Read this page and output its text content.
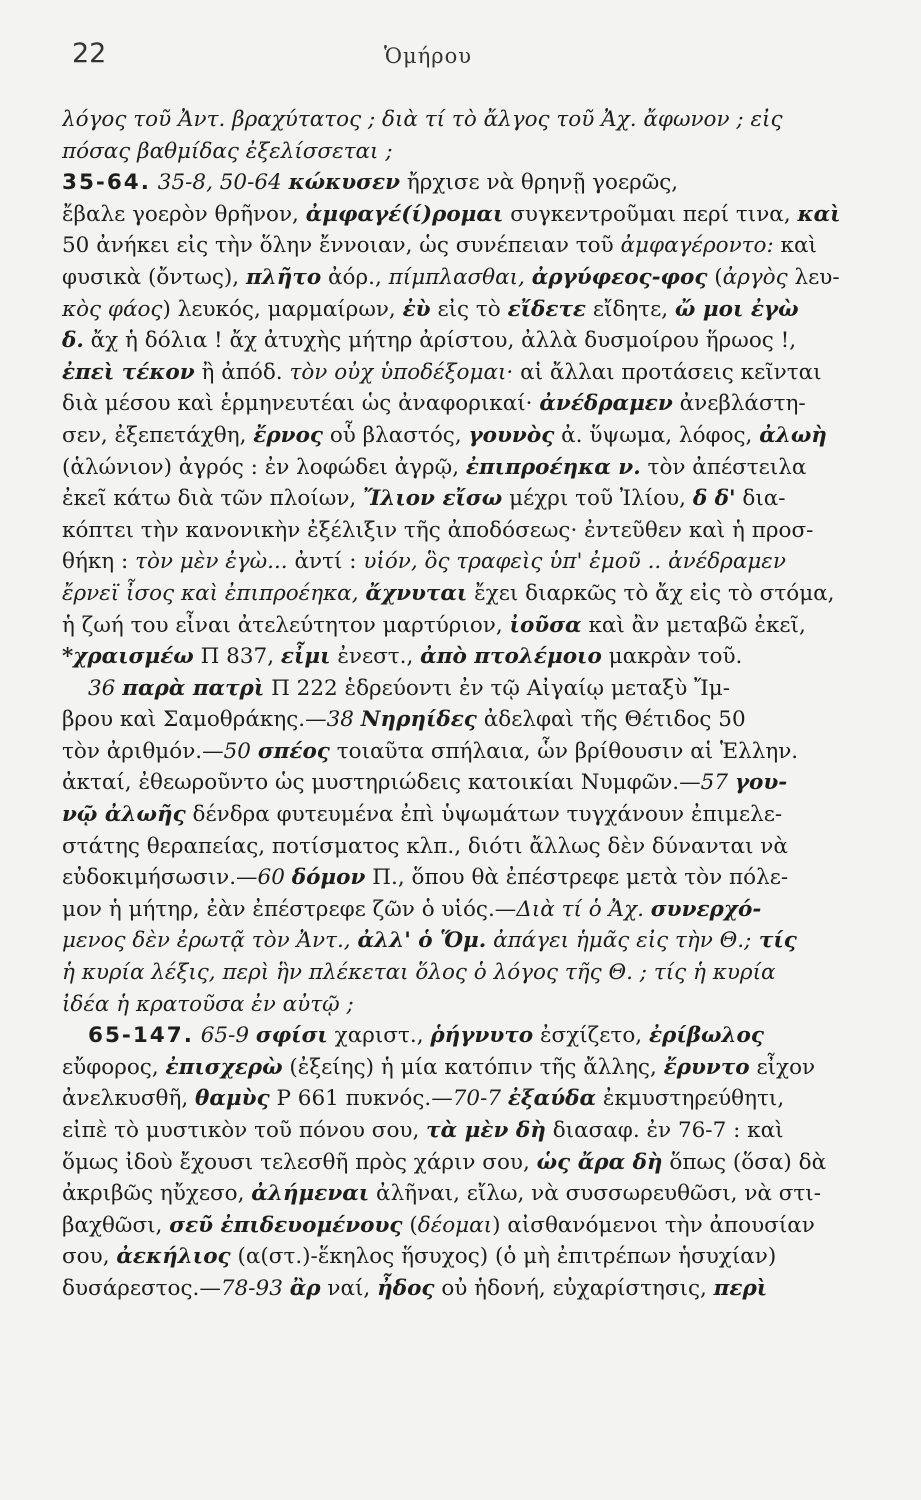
22	Ὁμήρου
λόγος τοῦ Ἀντ. βραχύτατος ; διὰ τί τὸ ἄλγος τοῦ Ἀχ. ἄφωνον ; εἰς
πόσας βαθμίδας ἐξελίσσεται ;
35-64. 35-8, 50-64 κώκυσεν ἤρχισε νὰ θρηνῇ γοερῶς,
ἔβαλε γοερὸν θρῆνον, ἀμφαγέ(ί)ρομαι συγκεντροῦμαι περί τινα, καὶ
50 ἀνήκει εἰς τὴν ὅλην ἔννοιαν, ὡς συνέπειαν τοῦ ἀμφαγέροντο: καὶ
φυσικὰ (ὄντως), πλῆτο ἀόρ., πίμπλασθαι, ἀργύφεος-φος (ἀργὸς λευ-
κὸς φάος) λευκός, μαρμαίρων, ἐὺ εἰς τὸ εἴδετε εἴδητε, ὤ μοι ἐγὼ
δ. ἄχ ἡ δόλια ! ἄχ ἀτυχὴς μήτηρ ἀρίστου, ἀλλὰ δυσμοίρου ἥρωος !,
ἐπεὶ τέκον ἢ ἀπόδ. τὸν οὐχ ὑποδέξομαι· αἱ ἄλλαι προτάσεις κεῖνται
διὰ μέσου καὶ ἑρμηνευτέαι ὡς ἀναφορικαί· ἀνέδραμεν ἀνεβλάστη-
σεν, ἐξεπετάχθη, ἔρνος οὗ βλαστός, γουνὸς ἀ. ὕψωμα, λόφος, ἀλωὴ
(ἁλώνιον) ἀγρός : ἐν λοφώδει ἀγρῷ, ἐπιπροέηκα ν. τὸν ἀπέστειλα
ἐκεῖ κάτω διὰ τῶν πλοίων, Ἴλιον εἴσω μέχρι τοῦ Ἰλίου, δ δ' δια-
κόπτει τὴν κανονικὴν ἐξέλιξιν τῆς ἀποδόσεως· ἐντεῦθεν καὶ ἡ προσ-
θήκη : τὸν μὲν ἐγὼ... ἀντί : υἱόν, ὃς τραφεὶς ὑπ' ἐμοῦ .. ἀνέδραμεν
ἔρνεϊ ἶσος καὶ ἐπιπροέηκα, ἄχνυται ἔχει διαρκῶς τὸ ἄχ εἰς τὸ στόμα,
ἡ ζωή του εἶναι ἀτελεύτητον μαρτύριον, ἰοῦσα καὶ ἂν μεταβῶ ἐκεῖ,
*χραισμέω Π 837, εἶμι ἐνεστ., ἀπὸ πτολέμοιο μακρὰν τοῦ.
36 παρὰ πατρὶ Π 222 ἑδρεύοντι ἐν τῷ Αἰγαίῳ μεταξὺ Ἴμ-
βρου καὶ Σαμοθράκης.—38 Νηρηίδες ἀδελφαὶ τῆς Θέτιδος 50
τὸν ἀριθμόν.—50 σπέος τοιαῦτα σπήλαια, ὧν βρίθουσιν αἱ Ἑλλην.
ἀκταί, ἐθεωροῦντο ὡς μυστηριώδεις κατοικίαι Νυμφῶν.—57 γου-
νῷ ἀλωῆς δένδρα φυτευμένα ἐπὶ ὑψωμάτων τυγχάνουν ἐπιμελε-
στάτης θεραπείας, ποτίσματος κλπ., διότι ἄλλως δὲν δύνανται νὰ
εὐδοκιμήσωσιν.—60 δόμον Π., ὅπου θὰ ἐπέστρεφε μετὰ τὸν πόλε-
μον ἡ μήτηρ, ἐὰν ἐπέστρεφε ζῶν ὁ υἱός.—Διὰ τί ὁ Ἀχ. συνερχό-
μενος δὲν ἐρωτᾷ τὸν Ἀντ., ἀλλ' ὁ Ὅμ. ἀπάγει ἡμᾶς εἰς τὴν Θ.; τίς
ἡ κυρία λέξις, περὶ ἣν πλέκεται ὅλος ὁ λόγος τῆς Θ. ; τίς ἡ κυρία
ἰδέα ἡ κρατοῦσα ἐν αὐτῷ ;
65-147. 65-9 σφίσι χαριστ., ῥήγνυτο ἐσχίζετο, ἐρίβωλος
εὔφορος, ἐπισχερὼ (ἐξείης) ἡ μία κατόπιν τῆς ἄλλης, ἔρυντο εἶχον
ἀνελκυσθῆ, θαμὺς Ρ 661 πυκνός.—70-7 ἐξαύδα ἐκμυστηρεύθητι,
εἰπὲ τὸ μυστικὸν τοῦ πόνου σου, τὰ μὲν δὴ διασαφ. ἐν 76-7 : καὶ
ὅμως ἰδοὺ ἔχουσι τελεσθῆ πρὸς χάριν σου, ὡς ἄρα δὴ ὅπως (ὅσα) δὰ
ἀκριβῶς ηὔχεσο, ἀλήμεναι ἀλῆναι, εἴλω, νὰ συσσωρευθῶσι, νὰ στι-
βαχθῶσι, σεῦ ἐπιδευομένους (δέομαι) αἰσθανόμενοι τὴν ἀπουσίαν
σου, ἀεκήλιος (α(στ.)-ἕκηλος ἥσυχος) (ὁ μὴ ἐπιτρέπων ἡσυχίαν)
δυσάρεστος.—78-93 ἂρ ναί, ἦδος οὐ ἡδονή, εὐχαρίστησις, περὶ
